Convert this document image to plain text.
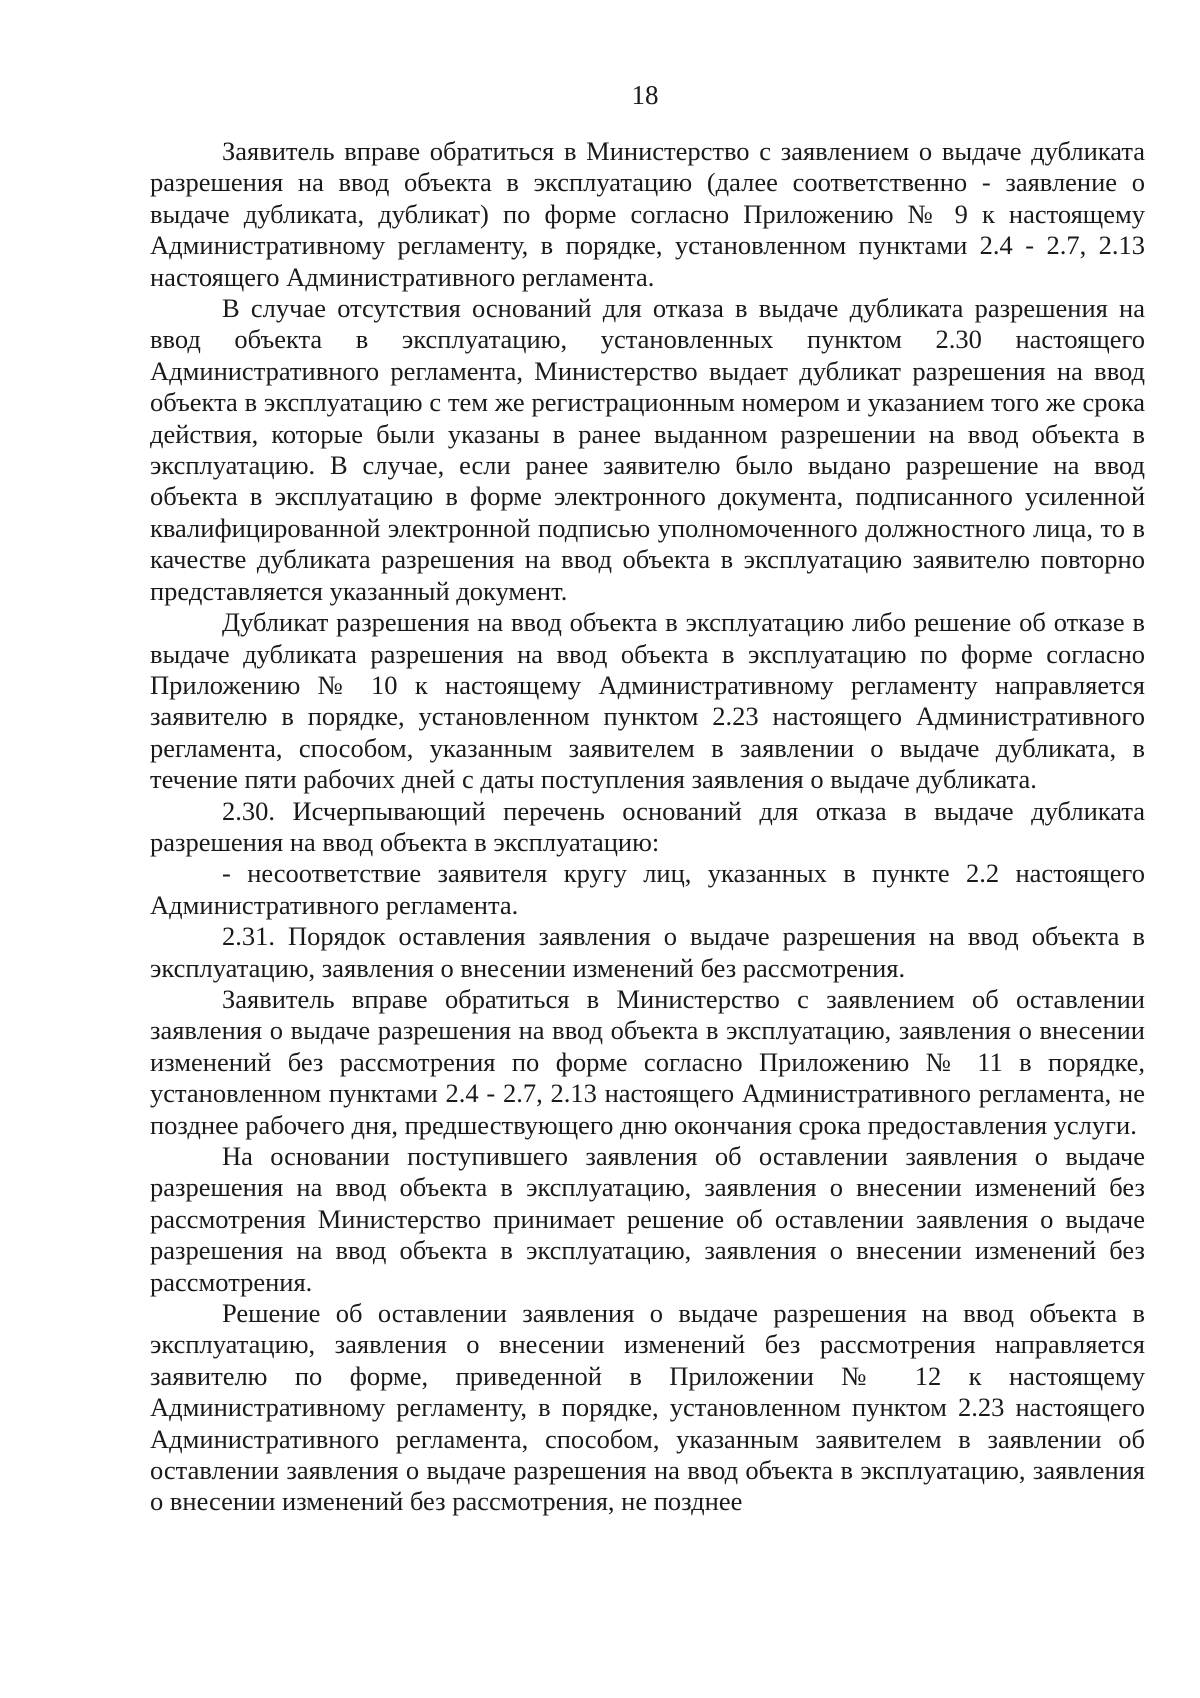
18

Заявитель вправе обратиться в Министерство с заявлением о выдаче дубликата разрешения на ввод объекта в эксплуатацию (далее соответственно - заявление о выдаче дубликата, дубликат) по форме согласно Приложению № 9 к настоящему Административному регламенту, в порядке, установленном пунктами 2.4 - 2.7, 2.13 настоящего Административного регламента.

В случае отсутствия оснований для отказа в выдаче дубликата разрешения на ввод объекта в эксплуатацию, установленных пунктом 2.30 настоящего Административного регламента, Министерство выдает дубликат разрешения на ввод объекта в эксплуатацию с тем же регистрационным номером и указанием того же срока действия, которые были указаны в ранее выданном разрешении на ввод объекта в эксплуатацию. В случае, если ранее заявителю было выдано разрешение на ввод объекта в эксплуатацию в форме электронного документа, подписанного усиленной квалифицированной электронной подписью уполномоченного должностного лица, то в качестве дубликата разрешения на ввод объекта в эксплуатацию заявителю повторно представляется указанный документ.

Дубликат разрешения на ввод объекта в эксплуатацию либо решение об отказе в выдаче дубликата разрешения на ввод объекта в эксплуатацию по форме согласно Приложению № 10 к настоящему Административному регламенту направляется заявителю в порядке, установленном пунктом 2.23 настоящего Административного регламента, способом, указанным заявителем в заявлении о выдаче дубликата, в течение пяти рабочих дней с даты поступления заявления о выдаче дубликата.

2.30. Исчерпывающий перечень оснований для отказа в выдаче дубликата разрешения на ввод объекта в эксплуатацию:

- несоответствие заявителя кругу лиц, указанных в пункте 2.2 настоящего Административного регламента.

2.31. Порядок оставления заявления о выдаче разрешения на ввод объекта в эксплуатацию, заявления о внесении изменений без рассмотрения.

Заявитель вправе обратиться в Министерство с заявлением об оставлении заявления о выдаче разрешения на ввод объекта в эксплуатацию, заявления о внесении изменений без рассмотрения по форме согласно Приложению № 11 в порядке, установленном пунктами 2.4 - 2.7, 2.13 настоящего Административного регламента, не позднее рабочего дня, предшествующего дню окончания срока предоставления услуги.

На основании поступившего заявления об оставлении заявления о выдаче разрешения на ввод объекта в эксплуатацию, заявления о внесении изменений без рассмотрения Министерство принимает решение об оставлении заявления о выдаче разрешения на ввод объекта в эксплуатацию, заявления о внесении изменений без рассмотрения.

Решение об оставлении заявления о выдаче разрешения на ввод объекта в эксплуатацию, заявления о внесении изменений без рассмотрения направляется заявителю по форме, приведенной в Приложении № 12 к настоящему Административному регламенту, в порядке, установленном пунктом 2.23 настоящего Административного регламента, способом, указанным заявителем в заявлении об оставлении заявления о выдаче разрешения на ввод объекта в эксплуатацию, заявления о внесении изменений без рассмотрения, не позднее
